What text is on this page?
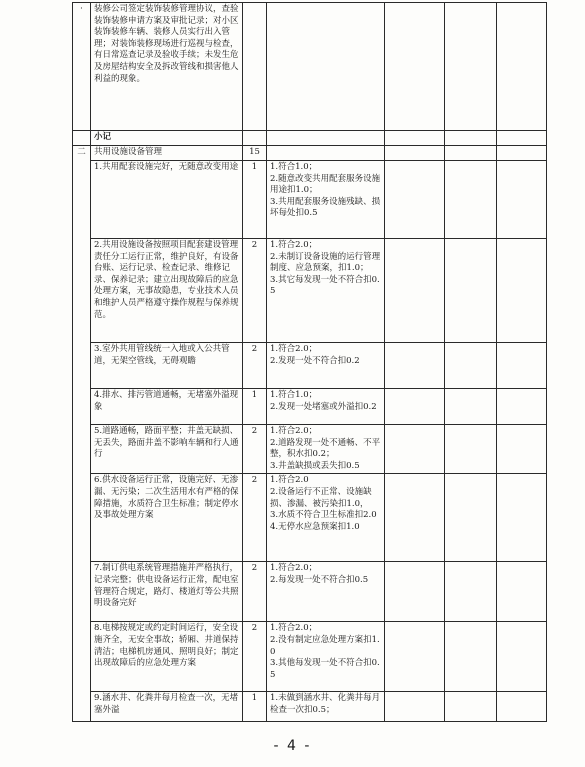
·	装修公司签定装饰装修管理协议，查验装饰装修申请方案及审批记录；对小区装饰装修车辆、装修人员实行出入管理；对装饰装修现场进行巡视与检查，有日常巡查记录及验收手续；未发生危及房屋结构安全及拆改管线和损害他人利益的现象。					
	小记					
二	共用设施设备管理	15				
	1.共用配套设施完好，无随意改变用途	1	1.符合1.0；
2.随意改变共用配套服务设施用途扣1.0；
3.共用配套服务设施残缺、损坏每处扣0.5			
	2.共用设施设备按照项目配套建设管理责任分工运行正常，维护良好，有设备台账、运行记录、检查记录、维修记录、保养记录；建立出现故障后的应急处理方案，无事故隐患，专业技术人员和维护人员严格遵守操作规程与保养规范。	2	1.符合2.0；
2.未制订设备设施的运行管理制度、应急预案，扣1.0；
3.其它每发现一处不符合扣0.5			
	3.室外共用管线统一入地或入公共管道，无架空管线，无碍观瞻	2	1.符合2.0；
2.发现一处不符合扣0.2			
	4.排水、排污管道通畅，无堵塞外溢现象	1	1.符合1.0；
2.发现一处堵塞或外溢扣0.2			
	5.道路通畅，路面平整；井盖无缺损、无丢失，路面井盖不影响车辆和行人通行	2	1.符合2.0；
2.道路发现一处不通畅、不平整，积水扣0.2；
3.井盖缺损或丢失扣0.5			
	6.供水设备运行正常，设施完好、无渗漏、无污染；二次生活用水有严格的保障措施，水质符合卫生标准；制定停水及事故处理方案	2	1.符合2.0
2.设备运行不正常、设施缺损、渗漏、被污染扣1.0，
3.水质不符合卫生标准扣2.0
4.无停水应急预案扣1.0			
	7.制订供电系统管理措施并严格执行，记录完整；供电设备运行正常，配电室管理符合规定，路灯、楼道灯等公共照明设备完好	2	1.符合2.0；
2.每发现一处不符合扣0.5			
	8.电梯按规定或约定时间运行，安全设施齐全，无安全事故；轿厢、井道保持清洁；电梯机房通风、照明良好；制定出现故障后的应急处理方案	2	1.符合2.0；
2.没有制定应急处理方案扣1.0
3.其他每发现一处不符合扣0.5			
	9.涵水井、化粪井每月检查一次，无堵塞外溢	1	1.未做到涵水井、化粪井每月检查一次扣0.5；			
- 4 -
